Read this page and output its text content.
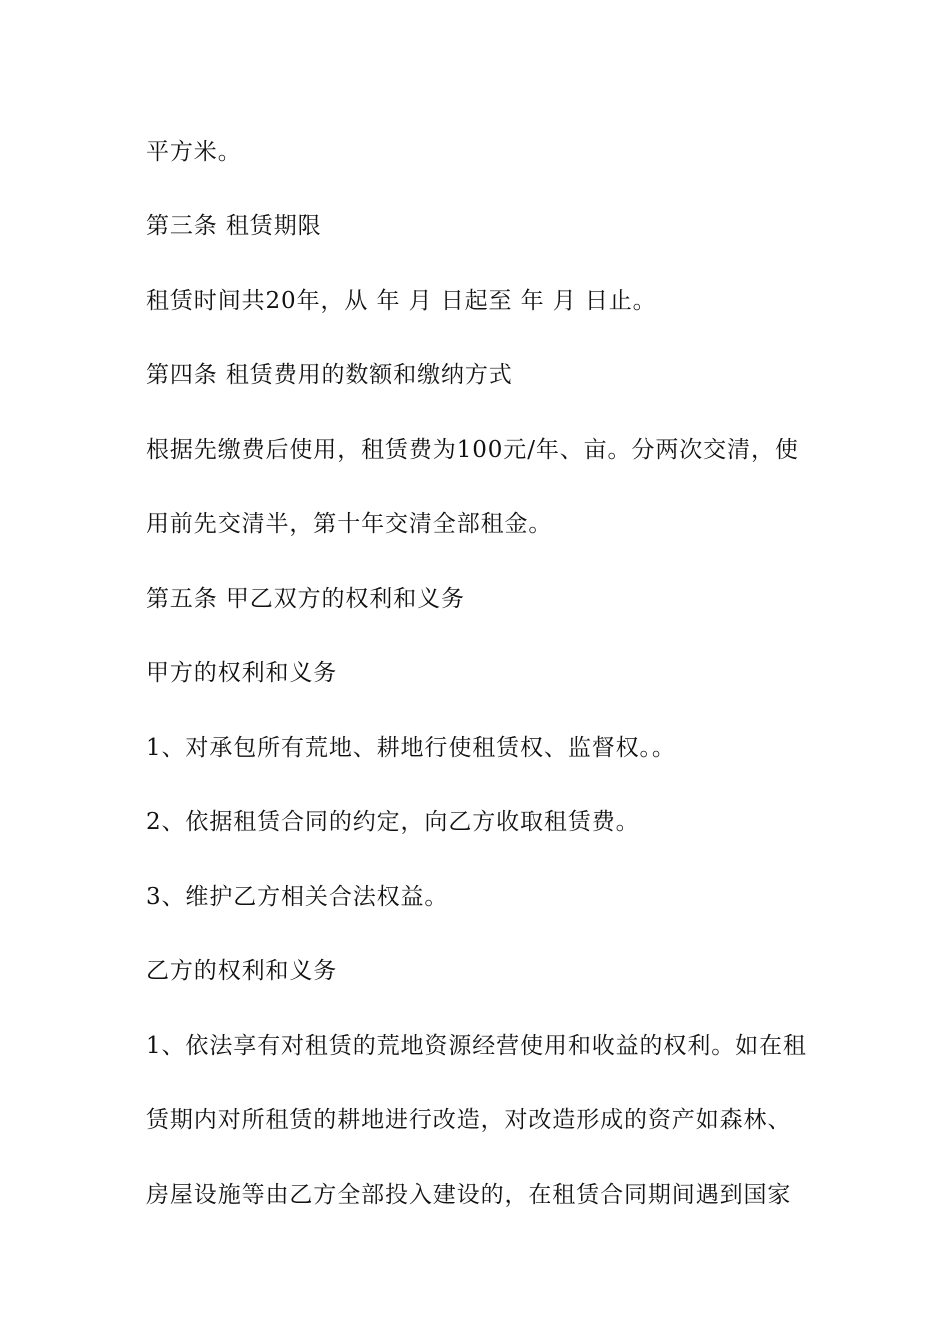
平方米。
第三条 租赁期限
租赁时间共20年，从 年 月 日起至 年 月 日止。
第四条 租赁费用的数额和缴纳方式
根据先缴费后使用，租赁费为100元/年、亩。分两次交清，使
用前先交清半，第十年交清全部租金。
第五条 甲乙双方的权利和义务
甲方的权利和义务
1、对承包所有荒地、耕地行使租赁权、监督权。。
2、依据租赁合同的约定，向乙方收取租赁费。
3、维护乙方相关合法权益。
乙方的权利和义务
1、依法享有对租赁的荒地资源经营使用和收益的权利。如在租
赁期内对所租赁的耕地进行改造，对改造形成的资产如森林、
房屋设施等由乙方全部投入建设的，在租赁合同期间遇到国家
